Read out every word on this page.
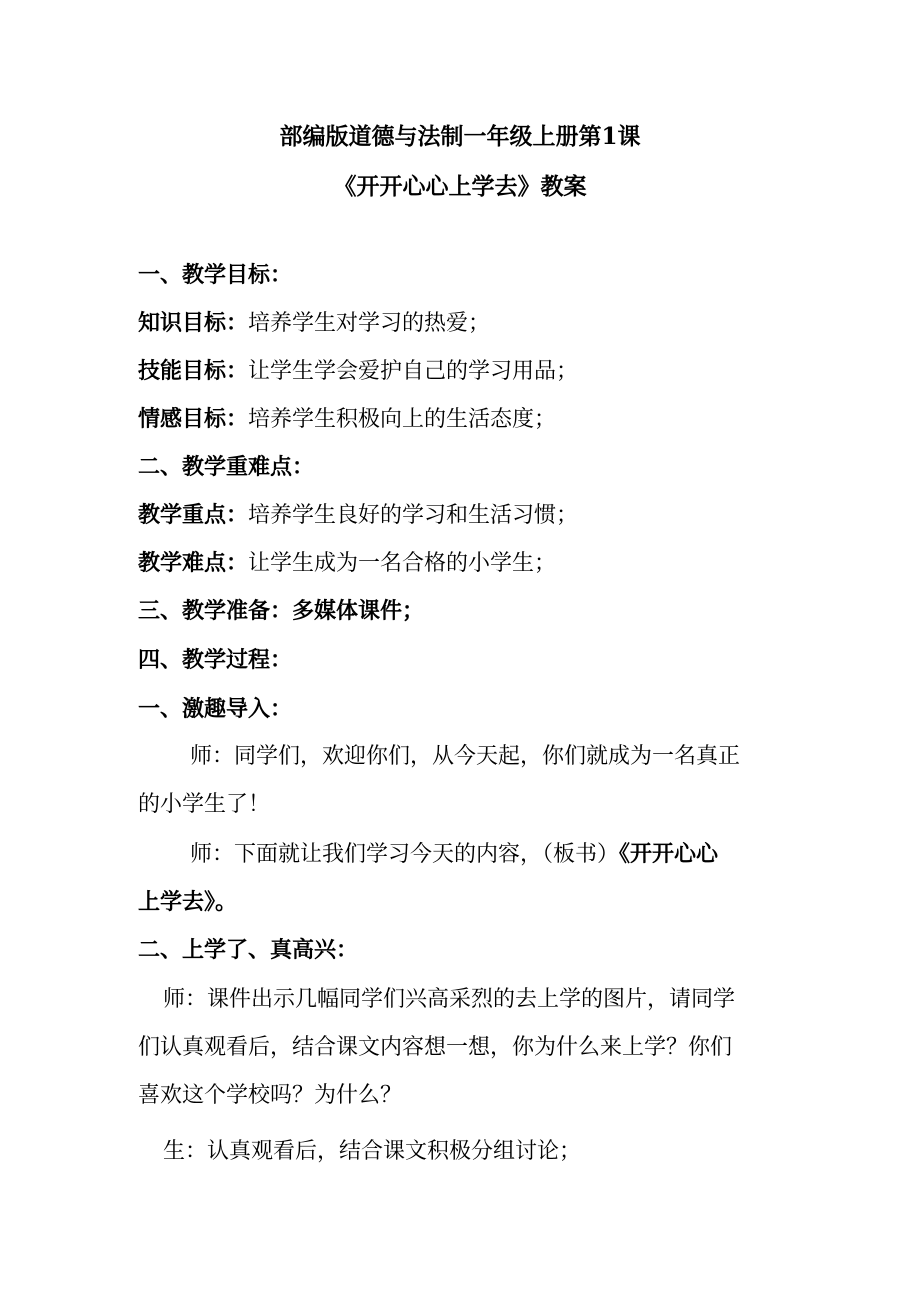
部编版道德与法制一年级上册第1课
《开开心心上学去》教案
一、教学目标：
知识目标：培养学生对学习的热爱；
技能目标：让学生学会爱护自己的学习用品；
情感目标：培养学生积极向上的生活态度；
二、教学重难点：
教学重点：培养学生良好的学习和生活习惯；
教学难点：让学生成为一名合格的小学生；
三、教学准备：多媒体课件；
四、教学过程：
一、激趣导入：
师：同学们，欢迎你们，从今天起，你们就成为一名真正
的小学生了！
师：下面就让我们学习今天的内容，（板书）《开开心心
上学去》。
二、上学了、真高兴：
师：课件出示几幅同学们兴高采烈的去上学的图片，请同学
们认真观看后，结合课文内容想一想，你为什么来上学？你们
喜欢这个学校吗？为什么？
生：认真观看后，结合课文积极分组讨论；
